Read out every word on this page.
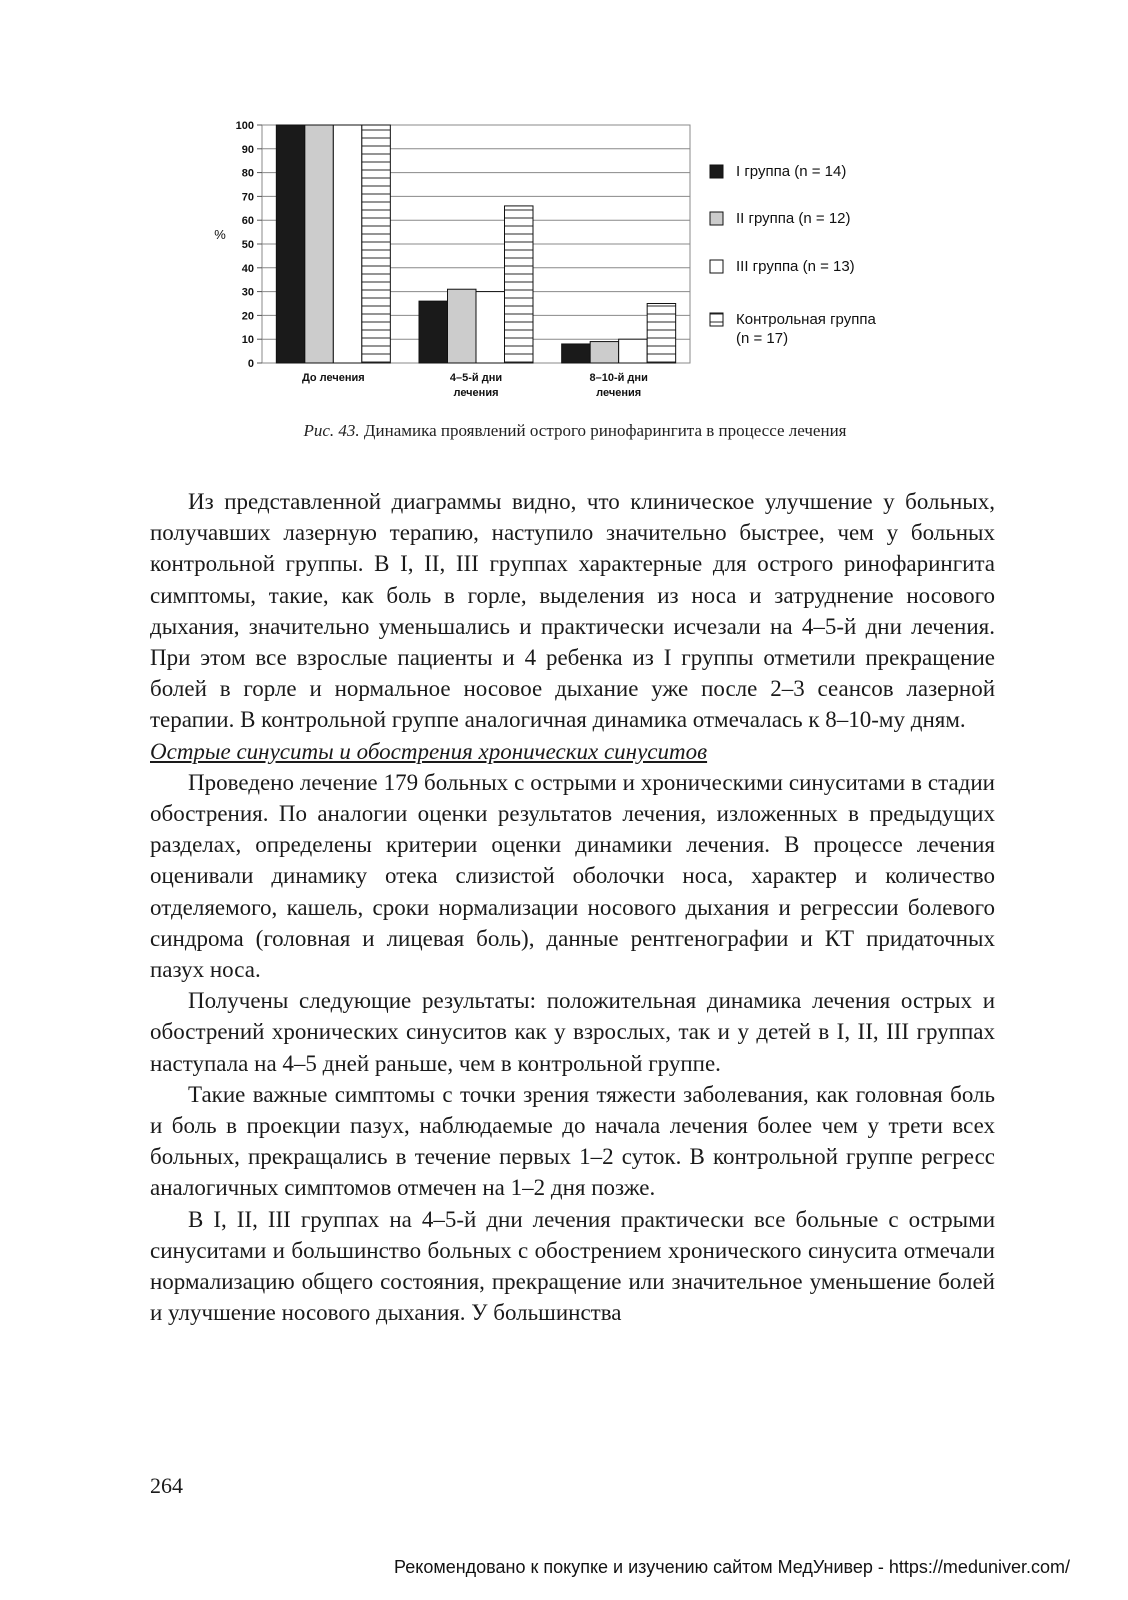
0
10
20
30
40
50
60
70
80
90
100
%
До лечения	4–5-й дни
лечения
8–10-й дни
лечения
I группа (n = 14)
II группа (n = 12)
III группа (n = 13)
Контрольная группа
(n = 17)
Рис. 43. Динамика проявлений острого ринофарингита в процессе лечения

Из представленной диаграммы видно, что клиническое улучшение у больных, получавших лазерную терапию, наступило значительно быстрее, чем у больных контрольной группы. В I, II, III группах характерные для острого ринофарингита симптомы, такие, как боль в горле, выделения из носа и затруднение носового дыхания, значительно уменьшались и практически исчезали на 4–5-й дни лечения. При этом все взрослые пациенты и 4 ребенка из I группы отметили прекращение болей в горле и нормальное носовое дыхание уже после 2–3 сеансов лазерной терапии. В контрольной группе аналогичная динамика отмечалась к 8–10-му дням.

Острые синуситы и обострения хронических синуситов

Проведено лечение 179 больных с острыми и хроническими синуситами в стадии обострения. По аналогии оценки результатов лечения, изложенных в предыдущих разделах, определены критерии оценки динамики лечения. В процессе лечения оценивали динамику отека слизистой оболочки носа, характер и количество отделяемого, кашель, сроки нормализации носового дыхания и регрессии болевого синдрома (головная и лицевая боль), данные рентгенографии и КТ придаточных пазух носа.

Получены следующие результаты: положительная динамика лечения острых и обострений хронических синуситов как у взрослых, так и у детей в I, II, III группах наступала на 4–5 дней раньше, чем в контрольной группе.

Такие важные симптомы с точки зрения тяжести заболевания, как головная боль и боль в проекции пазух, наблюдаемые до начала лечения более чем у трети всех больных, прекращались в течение первых 1–2 суток. В контрольной группе регресс аналогичных симптомов отмечен на 1–2 дня позже.

В I, II, III группах на 4–5-й дни лечения практически все больные с острыми синуситами и большинство больных с обострением хронического синусита отмечали нормализацию общего состояния, прекращение или значительное уменьшение болей и улучшение носового дыхания. У большинства

264
Рекомендовано к покупке и изучению сайтом МедУнивер - https://meduniver.com/
